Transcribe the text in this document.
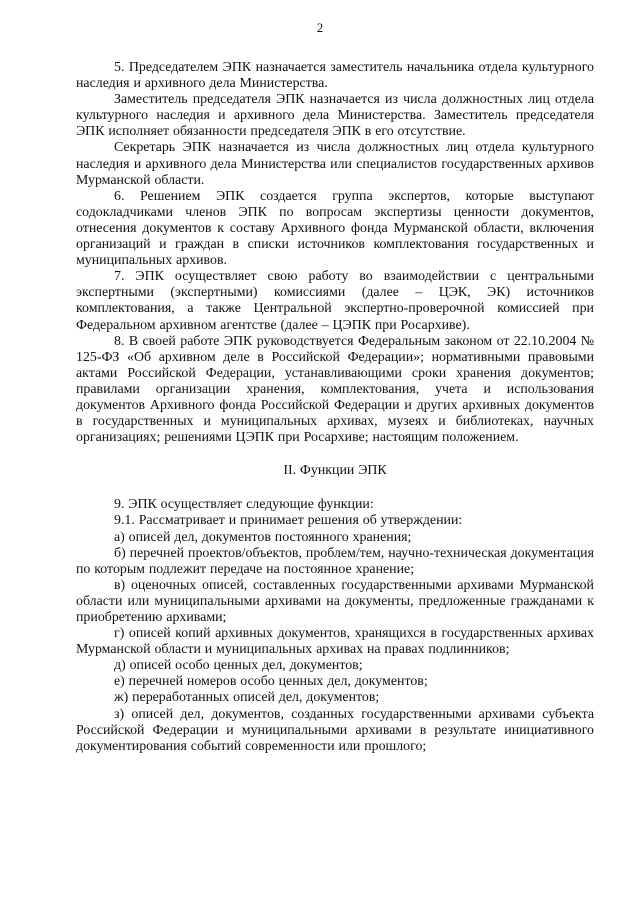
2

5. Председателем ЭПК назначается заместитель начальника отдела культурного наследия и архивного дела Министерства.

Заместитель председателя ЭПК назначается из числа должностных лиц отдела культурного наследия и архивного дела Министерства. Заместитель председателя ЭПК исполняет обязанности председателя ЭПК в его отсутствие.

Секретарь ЭПК назначается из числа должностных лиц отдела культурного наследия и архивного дела Министерства или специалистов государственных архивов Мурманской области.

6. Решением ЭПК создается группа экспертов, которые выступают содокладчиками членов ЭПК по вопросам экспертизы ценности документов, отнесения документов к составу Архивного фонда Мурманской области, включения организаций и граждан в списки источников комплектования государственных и муниципальных архивов.

7. ЭПК осуществляет свою работу во взаимодействии с центральными экспертными (экспертными) комиссиями (далее – ЦЭК, ЭК) источников комплектования, а также Центральной экспертно-проверочной комиссией при Федеральном архивном агентстве (далее – ЦЭПК при Росархиве).

8. В своей работе ЭПК руководствуется Федеральным законом от 22.10.2004 № 125-ФЗ «Об архивном деле в Российской Федерации»; нормативными правовыми актами Российской Федерации, устанавливающими сроки хранения документов; правилами организации хранения, комплектования, учета и использования документов Архивного фонда Российской Федерации и других архивных документов в государственных и муниципальных архивах, музеях и библиотеках, научных организациях; решениями ЦЭПК при Росархиве; настоящим положением.

II. Функции ЭПК

9. ЭПК осуществляет следующие функции:

9.1. Рассматривает и принимает решения об утверждении:

а) описей дел, документов постоянного хранения;

б) перечней проектов/объектов, проблем/тем, научно-техническая документация по которым подлежит передаче на постоянное хранение;

в) оценочных описей, составленных государственными архивами Мурманской области или муниципальными архивами на документы, предложенные гражданами к приобретению архивами;

г) описей копий архивных документов, хранящихся в государственных архивах Мурманской области и муниципальных архивах на правах подлинников;

д) описей особо ценных дел, документов;

е) перечней номеров особо ценных дел, документов;

ж) переработанных описей дел, документов;

з) описей дел, документов, созданных государственными архивами субъекта Российской Федерации и муниципальными архивами в результате инициативного документирования событий современности или прошлого;
